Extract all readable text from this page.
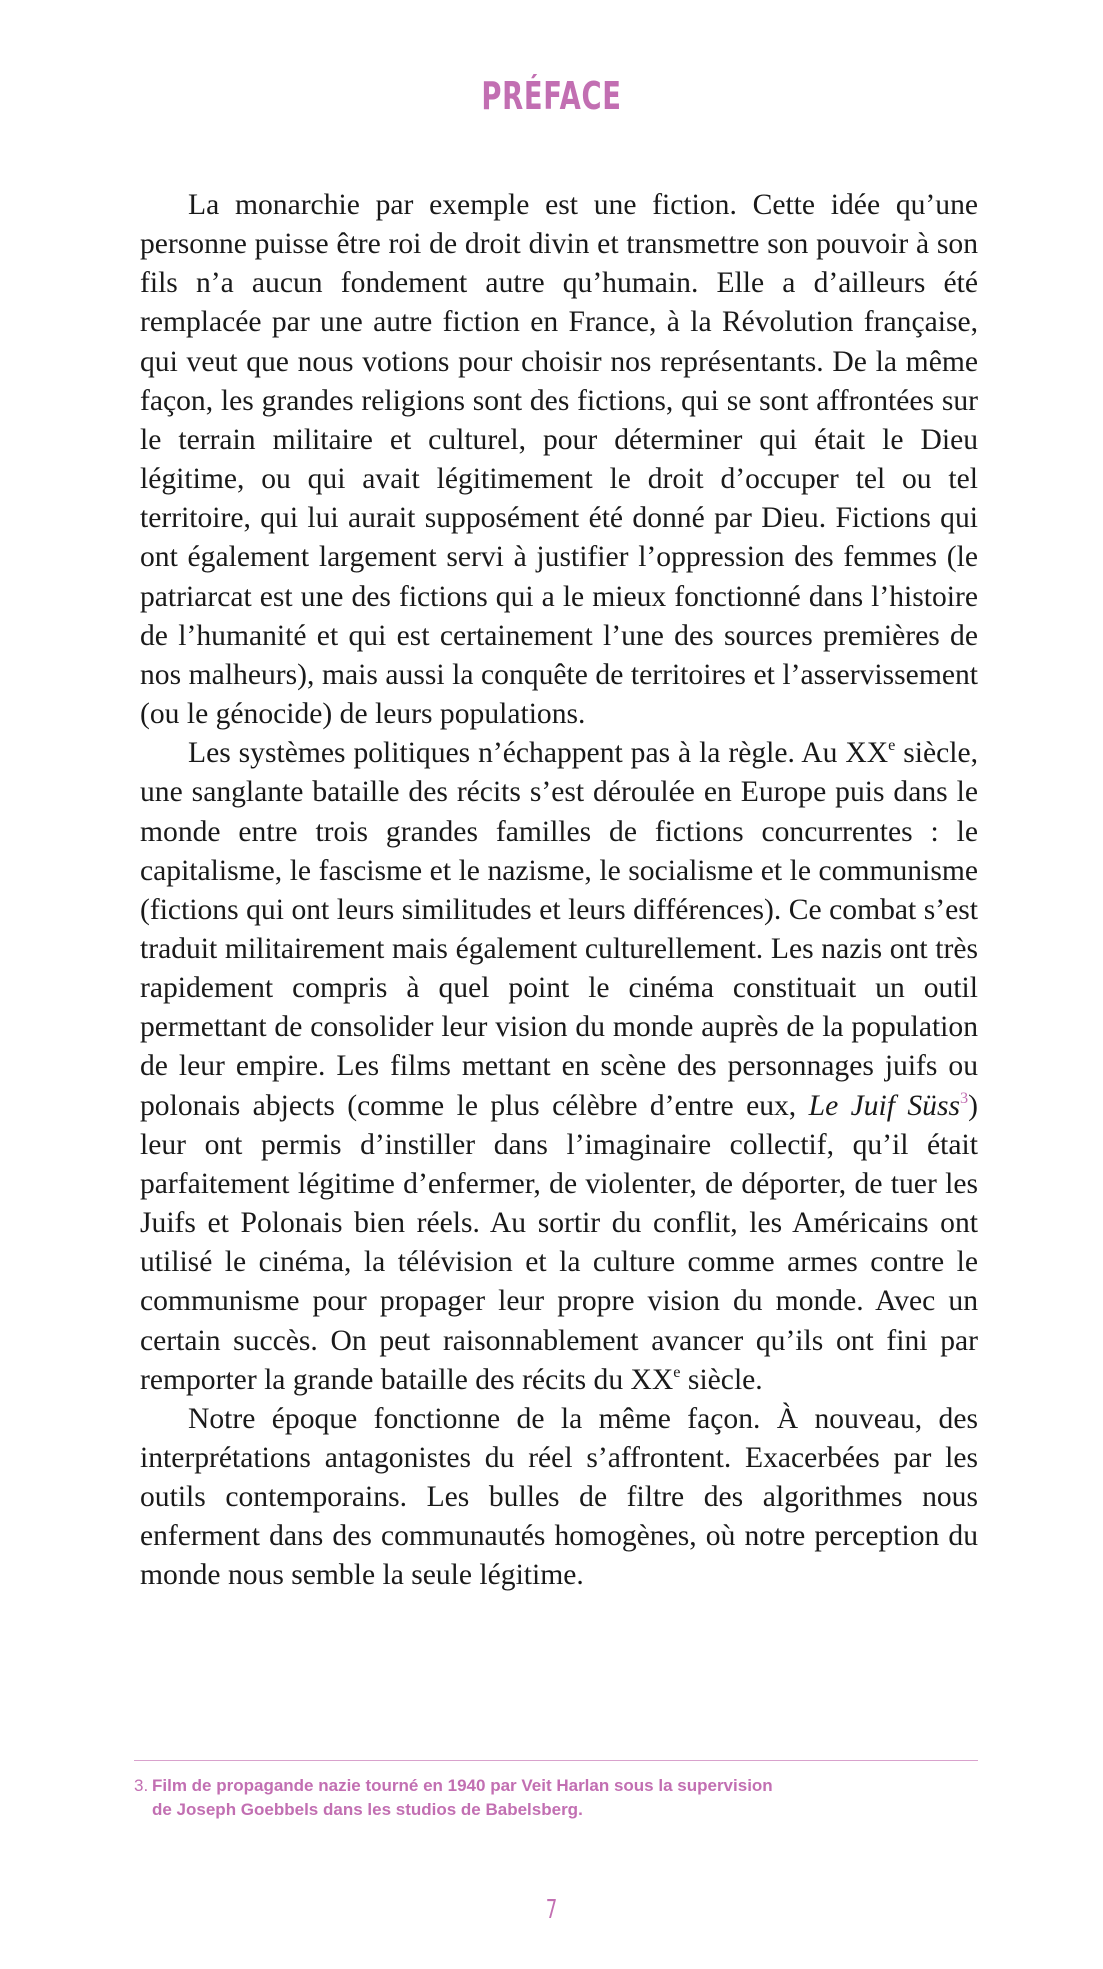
PRÉFACE

La monarchie par exemple est une fiction. Cette idée qu’une personne puisse être roi de droit divin et transmettre son pouvoir à son fils n’a aucun fondement autre qu’humain. Elle a d’ailleurs été remplacée par une autre fiction en France, à la Révolution française, qui veut que nous votions pour choisir nos représentants. De la même façon, les grandes religions sont des fictions, qui se sont affrontées sur le terrain militaire et culturel, pour déterminer qui était le Dieu légitime, ou qui avait légitimement le droit d’occuper tel ou tel territoire, qui lui aurait supposément été donné par Dieu. Fictions qui ont également largement servi à justifier l’oppression des femmes (le patriarcat est une des fictions qui a le mieux fonctionné dans l’histoire de l’humanité et qui est certainement l’une des sources premières de nos malheurs), mais aussi la conquête de territoires et l’asservissement (ou le génocide) de leurs populations.

Les systèmes politiques n’échappent pas à la règle. Au XXe siècle, une sanglante bataille des récits s’est déroulée en Europe puis dans le monde entre trois grandes familles de fictions concurrentes : le capitalisme, le fascisme et le nazisme, le socialisme et le communisme (fictions qui ont leurs similitudes et leurs différences). Ce combat s’est traduit militairement mais également culturellement. Les nazis ont très rapidement compris à quel point le cinéma constituait un outil permettant de consolider leur vision du monde auprès de la population de leur empire. Les films mettant en scène des personnages juifs ou polonais abjects (comme le plus célèbre d’entre eux, Le Juif Süss$^3$) leur ont permis d’instiller dans l’imaginaire collectif, qu’il était parfaitement légitime d’enfermer, de violenter, de déporter, de tuer les Juifs et Polonais bien réels. Au sortir du conflit, les Américains ont utilisé le cinéma, la télévision et la culture comme armes contre le communisme pour propager leur propre vision du monde. Avec un certain succès. On peut raisonnablement avancer qu’ils ont fini par remporter la grande bataille des récits du XXe siècle.

Notre époque fonctionne de la même façon. À nouveau, des interprétations antagonistes du réel s’affrontent. Exacerbées par les outils contemporains. Les bulles de filtre des algorithmes nous enferment dans des communautés homogènes, où notre perception du monde nous semble la seule légitime.

3. Film de propagande nazie tourné en 1940 par Veit Harlan sous la supervision
de Joseph Goebbels dans les studios de Babelsberg.
7
